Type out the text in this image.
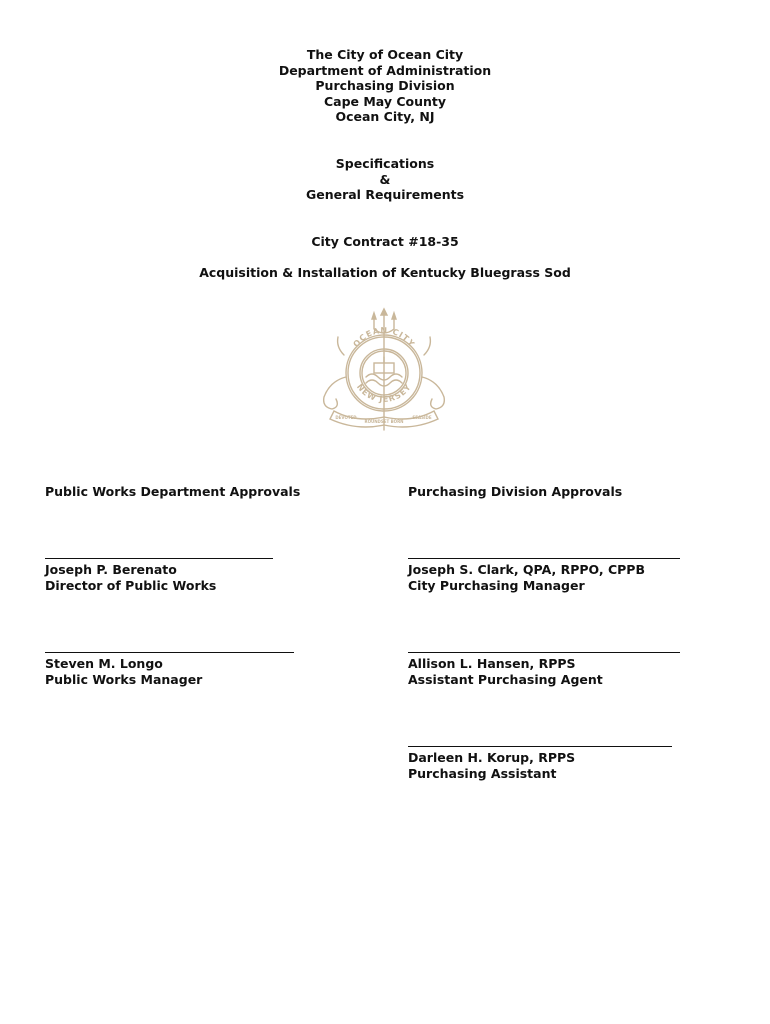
The City of Ocean City
Department of Administration
Purchasing Division
Cape May County
Ocean City, NJ
Specifications
&
General Requirements
City Contract #18-35
Acquisition & Installation of Kentucky Bluegrass Sod
OCEAN CITY
NEW JERSEY
DEVOTED
ROUNDSET BORN
SEASIDE
Public Works Department Approvals	Purchasing Division Approvals
Joseph P. Berenato
Director of Public Works
Steven M. Longo
Public Works Manager
Joseph S. Clark, QPA, RPPO, CPPB
City Purchasing Manager
Allison L. Hansen, RPPS
Assistant Purchasing Agent
Darleen H. Korup, RPPS
Purchasing Assistant
